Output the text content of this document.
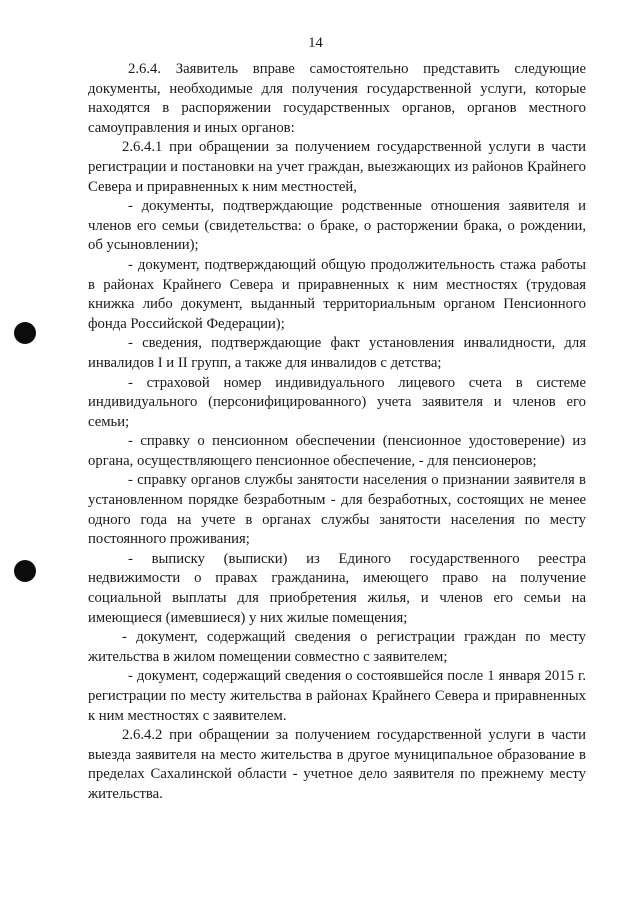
14

2.6.4. Заявитель вправе самостоятельно представить следующие документы, необходимые для получения государственной услуги, которые находятся в распоряжении государственных органов, органов местного самоуправления и иных органов:

2.6.4.1 при обращении за получением государственной услуги в части регистрации и постановки на учет граждан, выезжающих из районов Крайнего Севера и приравненных к ним местностей,

- документы, подтверждающие родственные отношения заявителя и членов его семьи (свидетельства: о браке, о расторжении брака, о рождении, об усыновлении);

- документ, подтверждающий общую продолжительность стажа работы в районах Крайнего Севера и приравненных к ним местностях (трудовая книжка либо документ, выданный территориальным органом Пенсионного фонда Российской Федерации);

- сведения, подтверждающие факт установления инвалидности, для инвалидов I и II групп, а также для инвалидов с детства;

- страховой номер индивидуального лицевого счета в системе индивидуального (персонифицированного) учета заявителя и членов его семьи;

- справку о пенсионном обеспечении (пенсионное удостоверение) из органа, осуществляющего пенсионное обеспечение, - для пенсионеров;

- справку органов службы занятости населения о признании заявителя в установленном порядке безработным - для безработных, состоящих не менее одного года на учете в органах службы занятости населения по месту постоянного проживания;

- выписку (выписки) из Единого государственного реестра недвижимости о правах гражданина, имеющего право на получение социальной выплаты для приобретения жилья, и членов его семьи на имеющиеся (имевшиеся) у них жилые помещения;

- документ, содержащий сведения о регистрации граждан по месту жительства в жилом помещении совместно с заявителем;

- документ, содержащий сведения о состоявшейся после 1 января 2015 г. регистрации по месту жительства в районах Крайнего Севера и приравненных к ним местностях с заявителем.

2.6.4.2 при обращении за получением государственной услуги в части выезда заявителя на место жительства в другое муниципальное образование в пределах Сахалинской области - учетное дело заявителя по прежнему месту жительства.
